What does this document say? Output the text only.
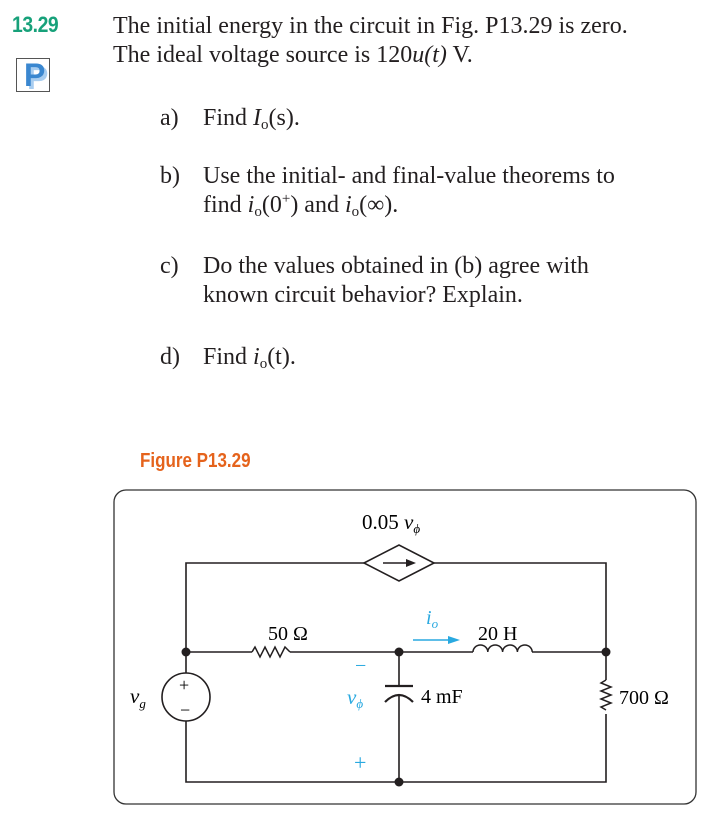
13.29
P
The initial energy in the circuit in Fig. P13.29 is zero.
The ideal voltage source is 120u(t) V.
a) Find $I_o(s)$.
b) Use the initial- and final-value theorems to
find $i_o(0^+)$ and $i_o(\infty)$.
c) Do the values obtained in (b) agree with
known circuit behavior? Explain.
d) Find $i_o(t)$.
Figure P13.29
0.05 vϕ
50 Ω	20 H
$i_o$
4 mF	700 Ω
$v_g$
+
−
vϕ
−
+
